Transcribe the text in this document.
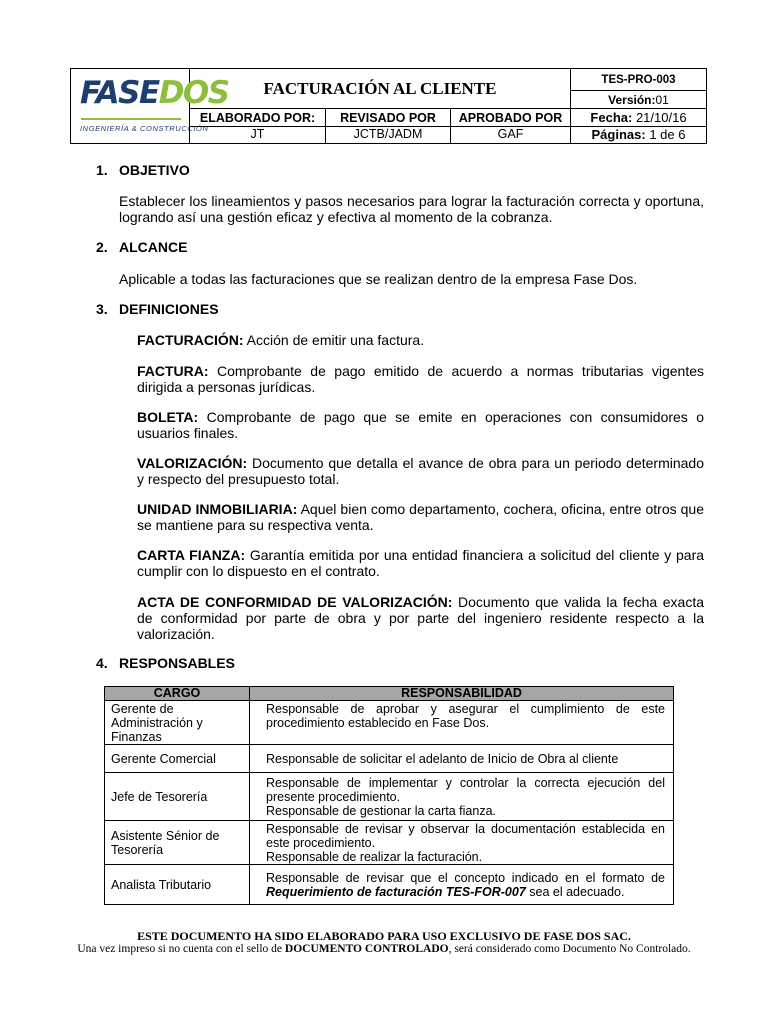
FASEDOS
INGENIERÍA & CONSTRUCCIÓN
FACTURACIÓN AL CLIENTE	TES-PRO-003
Versión:01
ELABORADO POR:	REVISADO POR	APROBADO POR	Fecha: 21/10/16
JT	JCTB/JADM	GAF	Páginas: 1 de 6
1. OBJETIVO
Establecer los lineamientos y pasos necesarios para lograr la facturación correcta y oportuna, logrando así una gestión eficaz y efectiva al momento de la cobranza.
2. ALCANCE
Aplicable a todas las facturaciones que se realizan dentro de la empresa Fase Dos.
3. DEFINICIONES
FACTURACIÓN: Acción de emitir una factura.
FACTURA: Comprobante de pago emitido de acuerdo a normas tributarias vigentes dirigida a personas jurídicas.
BOLETA: Comprobante de pago que se emite en operaciones con consumidores o usuarios finales.
VALORIZACIÓN: Documento que detalla el avance de obra para un periodo determinado y respecto del presupuesto total.
UNIDAD INMOBILIARIA: Aquel bien como departamento, cochera, oficina, entre otros que se mantiene para su respectiva venta.
CARTA FIANZA: Garantía emitida por una entidad financiera a solicitud del cliente y para cumplir con lo dispuesto en el contrato.
ACTA DE CONFORMIDAD DE VALORIZACIÓN: Documento que valida la fecha exacta de conformidad por parte de obra y por parte del ingeniero residente respecto a la valorización.
4. RESPONSABLES
CARGO	RESPONSABILIDAD
Gerente de Administración y Finanzas	Responsable de aprobar y asegurar el cumplimiento de este procedimiento establecido en Fase Dos.

Gerente Comercial	Responsable de solicitar el adelanto de Inicio de Obra al cliente

Jefe de Tesorería	Responsable de implementar y controlar la correcta ejecución del presente procedimiento.
Responsable de gestionar la carta fianza.

Asistente Sénior de Tesorería	Responsable de revisar y observar la documentación establecida en este procedimiento.
Responsable de realizar la facturación.

Analista Tributario	Responsable de revisar que el concepto indicado en el formato de Requerimiento de facturación TES-FOR-007 sea el adecuado.
ESTE DOCUMENTO HA SIDO ELABORADO PARA USO EXCLUSIVO DE FASE DOS SAC.
Una vez impreso si no cuenta con el sello de DOCUMENTO CONTROLADO, será considerado como Documento No Controlado.
